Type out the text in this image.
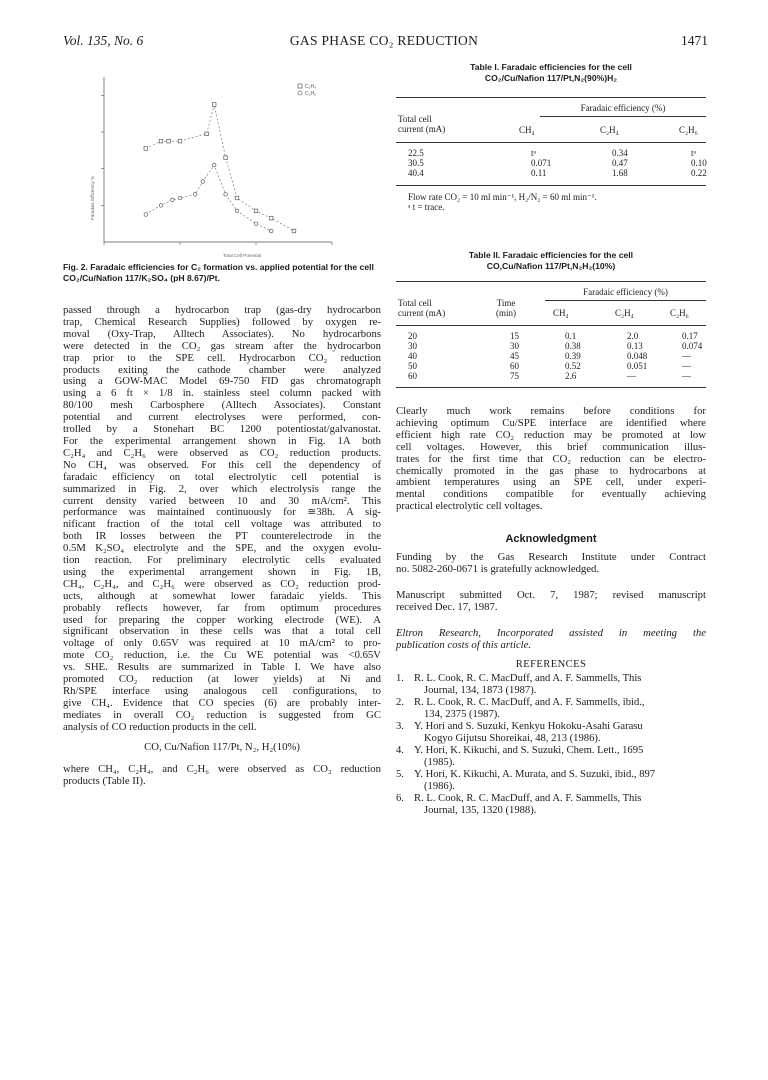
Vol. 135, No. 6	GAS PHASE CO₂ REDUCTION	1471
C₂H₄
C₂H₆
Faradaic Efficiency %
Total Cell Potential
Fig. 2. Faradaic efficiencies for C₂ formation vs. applied potential for the cell CO₂/Cu/Nafion 117/K₂SO₄ (pH 8.67)/Pt.
passed through a hydrocarbon trap (gas-dry hydrocarbon
trap, Chemical Research Supplies) followed by oxygen re-
moval (Oxy-Trap, Alltech Associates). No hydrocarbons
were detected in the CO₂ gas stream after the hydrocarbon
trap prior to the SPE cell. Hydrocarbon CO₂ reduction
products exiting the cathode chamber were analyzed
using a GOW-MAC Model 69-750 FID gas chromatograph
using a 6 ft × 1/8 in. stainless steel column packed with
80/100 mesh Carbosphere (Alltech Associates). Constant
potential and current electrolyses were performed, con-
trolled by a Stonehart BC 1200 potentiostat/galvanostat.
For the experimental arrangement shown in Fig. 1A both
C₂H₄ and C₂H₆ were observed as CO₂ reduction products.
No CH₄ was observed. For this cell the dependency of
faradaic efficiency on total electrolytic cell potential is
summarized in Fig. 2, over which electrolysis range the
current density varied between 10 and 30 mA/cm². This
performance was maintained continuously for ≅38h. A sig-
nificant fraction of the total cell voltage was attributed to
both IR losses between the PT counterelectrode in the
0.5M K₂SO₄ electrolyte and the SPE, and the oxygen evolu-
tion reaction. For preliminary electrolytic cells evaluated
using the experimental arrangement shown in Fig. 1B,
CH₄, C₂H₄, and C₂H₆ were observed as CO₂ reduction prod-
ucts, although at somewhat lower faradaic yields. This
probably reflects however, far from optimum procedures
used for preparing the copper working electrode (WE). A
significant observation in these cells was that a total cell
voltage of only 0.65V was required at 10 mA/cm² to pro-
mote CO₂ reduction, i.e. the Cu WE potential was <0.65V
vs. SHE. Results are summarized in Table I. We have also
promoted CO₂ reduction (at lower yields) at Ni and
Rh/SPE interface using analogous cell configurations, to
give CH₄. Evidence that CO species (6) are probably inter-
mediates in overall CO₂ reduction is suggested from GC
analysis of CO reduction products in the cell.
CO, Cu/Nafion 117/Pt, N₂, H₂(10%)
where CH₄, C₂H₄, and C₂H₆ were observed as CO₂ reduction
products (Table II).
Table I. Faradaic efficiencies for the cell
CO₂/Cu/Nafion 117/Pt,N₂(90%)H₂
Faradaic efficiency (%)
Total cell
current (mA)	CH₄	C₂H₄	C₂H₆
22.5	tᵃ	0.34	tᵃ
30.5	0.071	0.47	0.10
40.4	0.11	1.68	0.22
Flow rate CO₂ = 10 ml min⁻¹, H₂/N₂ = 60 ml min⁻¹.
ᵃ t = trace.
Table II. Faradaic efficiencies for the cell
CO,Cu/Nafion 117/Pt,N₂H₂(10%)
Faradaic efficiency (%)
Total cell
current (mA)
Time
(min)	CH₄	C₂H₄	C₂H₆
20	15	0.1	2.0	0.17
30	30	0.38	0.13	0.074
40	45	0.39	0.048	—
50	60	0.52	0.051	—
60	75	2.6	—	—
Clearly much work remains before conditions for
achieving optimum Cu/SPE interface are identified where
efficient high rate CO₂ reduction may be promoted at low
cell voltages. However, this brief communication illus-
trates for the first time that CO₂ reduction can be electro-
chemically promoted in the gas phase to hydrocarbons at
ambient temperatures using an SPE cell, under experi-
mental conditions compatible for eventually achieving
practical electrolytic cell voltages.
Acknowledgment
Funding by the Gas Research Institute under Contract
no. 5082-260-0671 is gratefully acknowledged.
Manuscript submitted Oct. 7, 1987; revised manuscript
received Dec. 17, 1987.
Eltron Research, Incorporated assisted in meeting the
publication costs of this article.
REFERENCES
1. R. L. Cook, R. C. MacDuff, and A. F. Sammells, This
Journal, 134, 1873 (1987).
2. R. L. Cook, R. C. MacDuff, and A. F. Sammells, ibid.,
134, 2375 (1987).
3. Y. Hori and S. Suzuki, Kenkyu Hokoku-Asahi Garasu
Kogyo Gijutsu Shoreikai, 48, 213 (1986).
4. Y. Hori, K. Kikuchi, and S. Suzuki, Chem. Lett., 1695
(1985).
5. Y. Hori, K. Kikuchi, A. Murata, and S. Suzuki, ibid., 897
(1986).
6. R. L. Cook, R. C. MacDuff, and A. F. Sammells, This
Journal, 135, 1320 (1988).
